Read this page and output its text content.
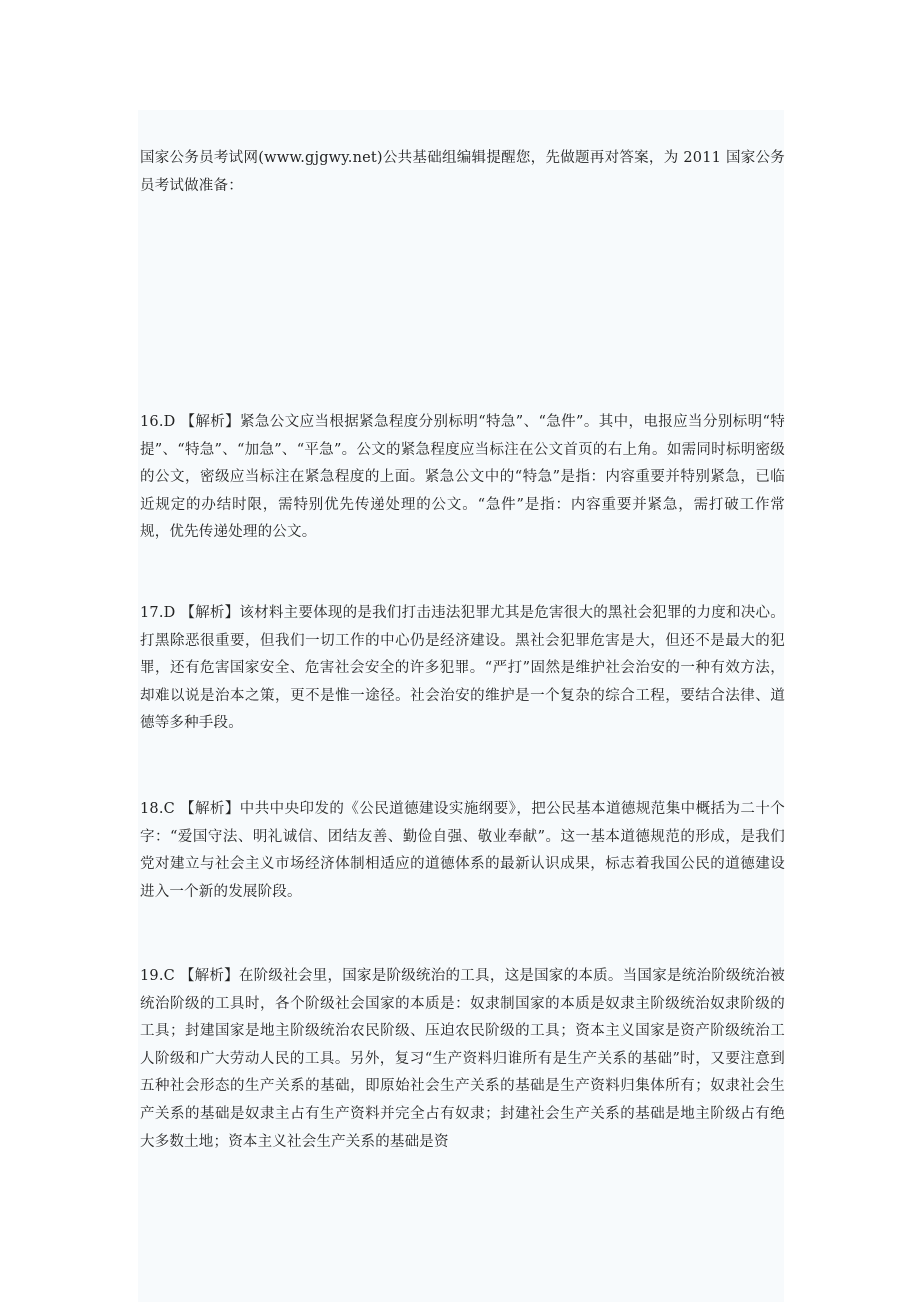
国家公务员考试网(www.gjgwy.net)公共基础组编辑提醒您，先做题再对答案，为 2011 国家公务员考试做准备：

16.D 【解析】紧急公文应当根据紧急程度分别标明“特急”、“急件”。其中，电报应当分别标明“特提”、“特急”、“加急”、“平急”。公文的紧急程度应当标注在公文首页的右上角。如需同时标明密级的公文，密级应当标注在紧急程度的上面。紧急公文中的“特急”是指：内容重要并特别紧急，已临近规定的办结时限，需特别优先传递处理的公文。“急件”是指：内容重要并紧急，需打破工作常规，优先传递处理的公文。

17.D 【解析】该材料主要体现的是我们打击违法犯罪尤其是危害很大的黑社会犯罪的力度和决心。打黑除恶很重要，但我们一切工作的中心仍是经济建设。黑社会犯罪危害是大，但还不是最大的犯罪，还有危害国家安全、危害社会安全的许多犯罪。“严打”固然是维护社会治安的一种有效方法，却难以说是治本之策，更不是惟一途径。社会治安的维护是一个复杂的综合工程，要结合法律、道德等多种手段。

18.C 【解析】中共中央印发的《公民道德建设实施纲要》，把公民基本道德规范集中概括为二十个字：“爱国守法、明礼诚信、团结友善、勤俭自强、敬业奉献”。这一基本道德规范的形成，是我们党对建立与社会主义市场经济体制相适应的道德体系的最新认识成果，标志着我国公民的道德建设进入一个新的发展阶段。

19.C 【解析】在阶级社会里，国家是阶级统治的工具，这是国家的本质。当国家是统治阶级统治被统治阶级的工具时，各个阶级社会国家的本质是：奴隶制国家的本质是奴隶主阶级统治奴隶阶级的工具；封建国家是地主阶级统治农民阶级、压迫农民阶级的工具；资本主义国家是资产阶级统治工人阶级和广大劳动人民的工具。另外，复习“生产资料归谁所有是生产关系的基础”时，又要注意到五种社会形态的生产关系的基础，即原始社会生产关系的基础是生产资料归集体所有；奴隶社会生产关系的基础是奴隶主占有生产资料并完全占有奴隶；封建社会生产关系的基础是地主阶级占有绝大多数土地；资本主义社会生产关系的基础是资
